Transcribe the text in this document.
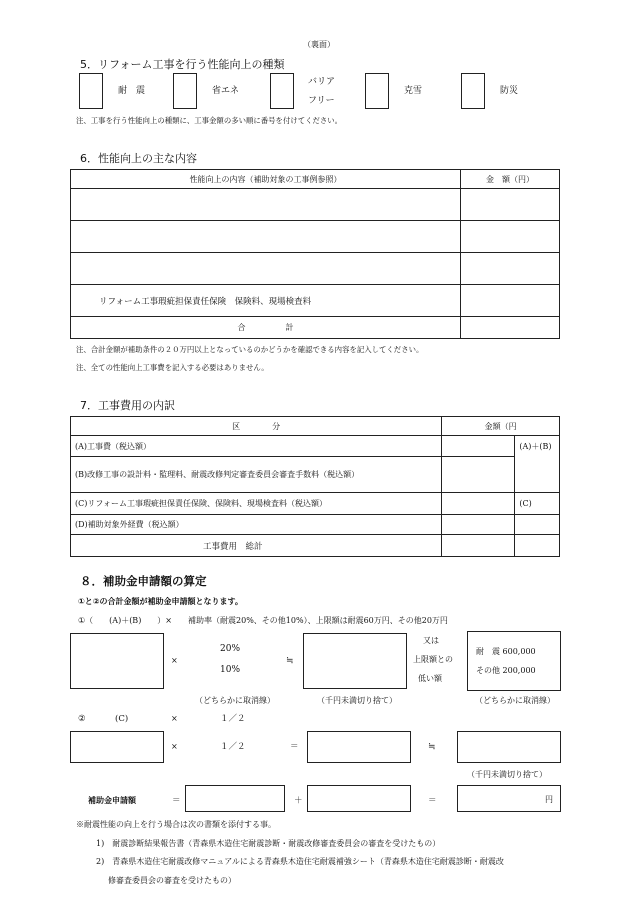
（裏面）
5．リフォーム工事を行う性能向上の種類
耐　震	省エネ
バリア
フリー
克雪	防災
注、工事を行う性能向上の種類に、工事金額の多い順に番号を付けてください。
6．性能向上の主な内容
性能向上の内容（補助対象の工事例参照）	金　額（円）

リフォーム工事瑕疵担保責任保険　保険料、現場検査料	
合　　　　　計	
注、合計金額が補助条件の２０万円以上となっているのかどうかを確認できる内容を記入してください。
注、全ての性能向上工事費を記入する必要はありません。
7．工事費用の内訳
区　　　　分	金額（円	
(A)工事費（税込額）		(A)＋(B)
(B)改修工事の設計料・監理料、耐震改修判定審査委員会審査手数料（税込額）		
(C)リフォーム工事瑕疵担保責任保険、保険料、現場検査料（税込額）		(C)
(D)補助対象外経費（税込額）		
工事費用　総計		
８．補助金申請額の算定
①と②の合計金額が補助金申請額となります。
①（　　(A)＋(B)　　）×　　補助率（耐震20%、その他10%）、上限額は耐震60万円、その他20万円
×
20%
10%
≒
又は
上限額との
低い額
耐　震 600,000
その他 200,000
（どちらかに取消線）	（千円未満切り捨て）	（どちらかに取消線）
②	(C)	×	１／２
×	１／２	＝	≒
（千円未満切り捨て）
補助金申請額	＝	＋	＝	円
※耐震性能の向上を行う場合は次の書類を添付する事。
1)　耐震診断結果報告書（青森県木造住宅耐震診断・耐震改修審査委員会の審査を受けたもの）
2)　青森県木造住宅耐震改修マニュアルによる青森県木造住宅耐震補強シート（青森県木造住宅耐震診断・耐震改
修審査委員会の審査を受けたもの）
